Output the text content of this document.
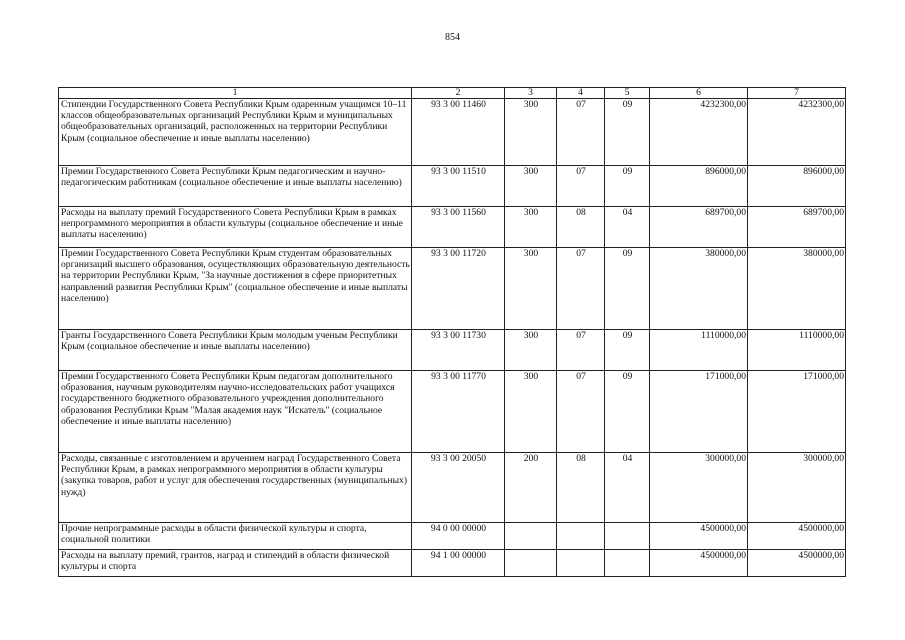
854
1	2	3	4	5	6	7
Стипендии Государственного Совета Республики Крым одаренным учащимся 10–11 классов общеобразовательных организаций Республики Крым и муниципальных общеобразовательных организаций, расположенных на территории Республики Крым (социальное обеспечение и иные выплаты населению)	93 3 00 11460	300	07	09	4232300,00	4232300,00
Премии Государственного Совета Республики Крым педагогическим и научно-педагогическим работникам (социальное обеспечение и иные выплаты населению)	93 3 00 11510	300	07	09	896000,00	896000,00
Расходы на выплату премий Государственного Совета Республики Крым в рамках непрограммного мероприятия в области культуры (социальное обеспечение и иные выплаты населению)	93 3 00 11560	300	08	04	689700,00	689700,00
Премии Государственного Совета Республики Крым студентам образовательных организаций высшего образования, осуществляющих образовательную деятельность на территории Республики Крым, "За научные достижения в сфере приоритетных направлений развития Республики Крым" (социальное обеспечение и иные выплаты населению)	93 3 00 11720	300	07	09	380000,00	380000,00
Гранты Государственного Совета Республики Крым молодым ученым Республики Крым (социальное обеспечение и иные выплаты населению)	93 3 00 11730	300	07	09	1110000,00	1110000,00
Премии Государственного Совета Республики Крым педагогам дополнительного образования, научным руководителям научно-исследовательских работ учащихся государственного бюджетного образовательного учреждения дополнительного образования Республики Крым "Малая академия наук "Искатель" (социальное обеспечение и иные выплаты населению)	93 3 00 11770	300	07	09	171000,00	171000,00
Расходы, связанные с изготовлением и вручением наград Государственного Совета Республики Крым, в рамках непрограммного мероприятия в области культуры (закупка товаров, работ и услуг для обеспечения государственных (муниципальных) нужд)	93 3 00 20050	200	08	04	300000,00	300000,00
Прочие непрограммные расходы в области физической культуры и спорта, социальной политики	94 0 00 00000				4500000,00	4500000,00
Расходы на выплату премий, грантов, наград и стипендий в области физической культуры и спорта	94 1 00 00000				4500000,00	4500000,00
